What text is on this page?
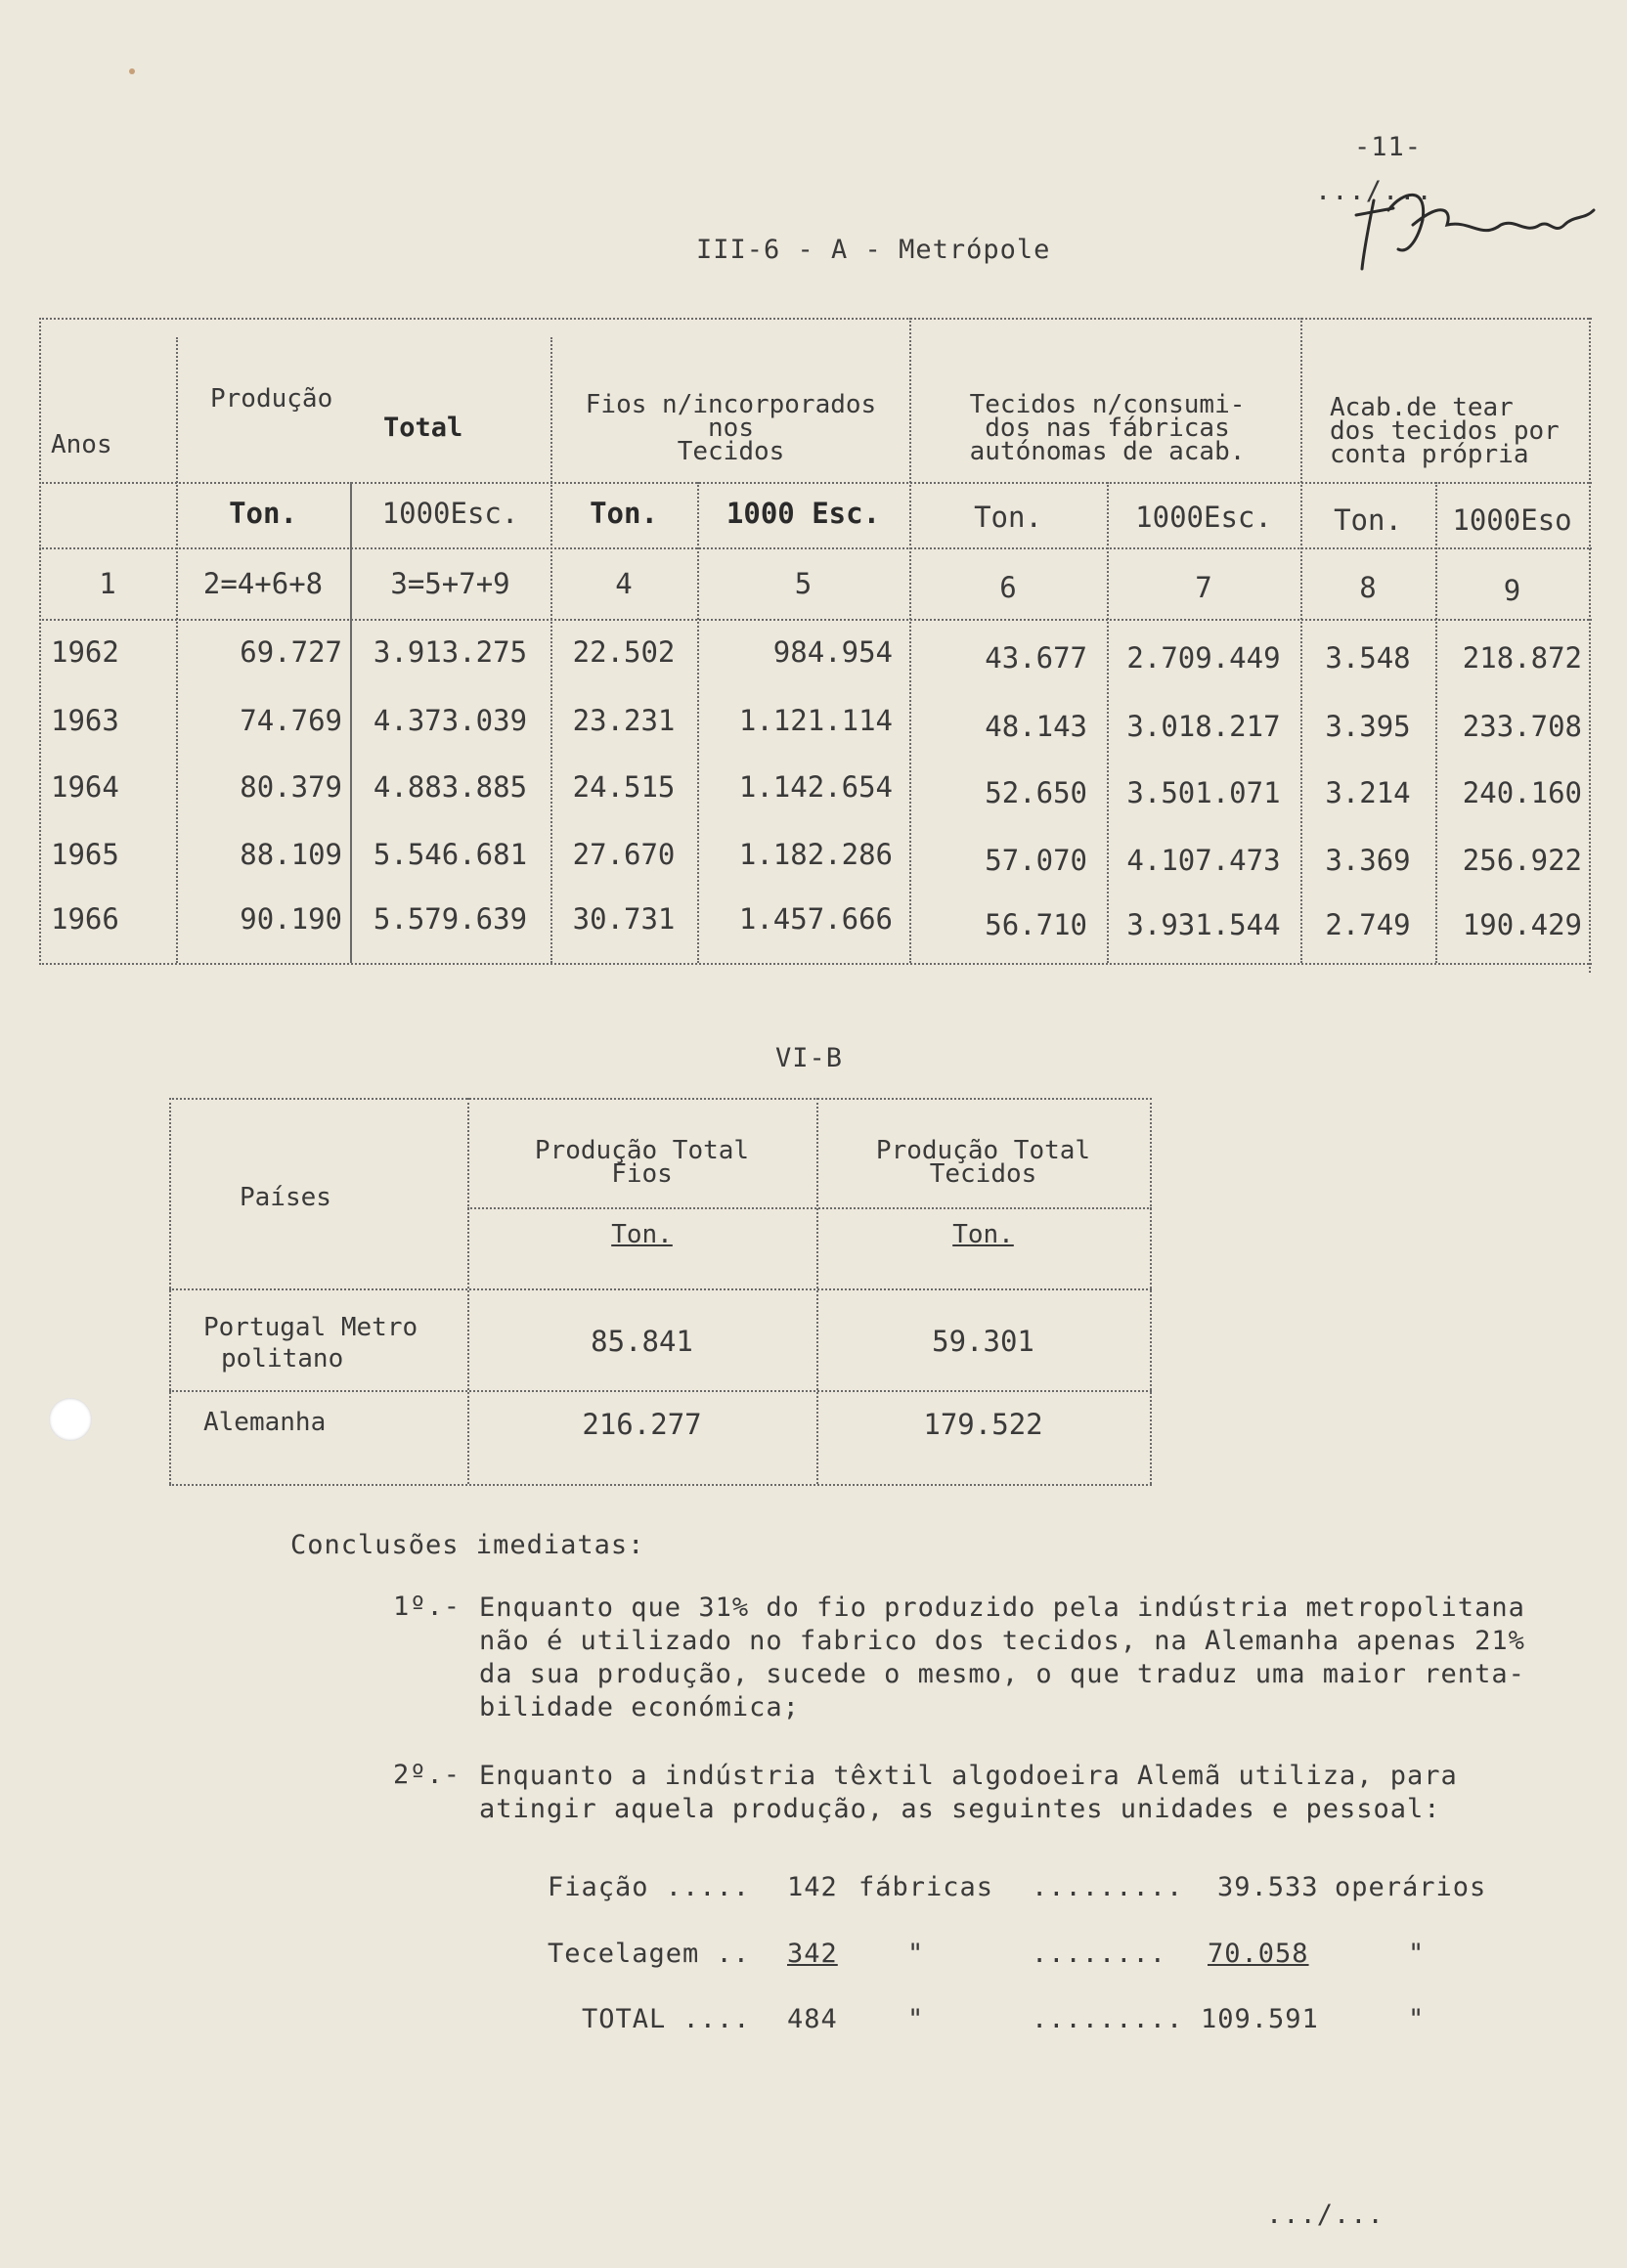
-11-
.../...
III-6 - A - Metrópole
Anos
Produção
Total
Fios n/incorporados
nos
Tecidos
Tecidos n/consumi-
dos nas fábricas
autónomas de acab.
Acab.de tear
dos tecidos por
conta própria
Ton.	1000Esc.	Ton.	1000 Esc.	Ton.	1000Esc.	Ton.	1000Eso
1	2=4+6+8	3=5+7+9	4	5	6	7	8	9
1962	69.727	3.913.275	22.502	984.954	43.677	2.709.449	3.548	218.872
1963	74.769	4.373.039	23.231	1.121.114	48.143	3.018.217	3.395	233.708
1964	80.379	4.883.885	24.515	1.142.654	52.650	3.501.071	3.214	240.160
1965	88.109	5.546.681	27.670	1.182.286	57.070	4.107.473	3.369	256.922
1966	90.190	5.579.639	30.731	1.457.666	56.710	3.931.544	2.749	190.429
VI-B
Países
Produção Total
Fios
Produção Total
Tecidos
Ton.	Ton.
Portugal Metro
politano
85.841	59.301
Alemanha	216.277	179.522
Conclusões imediatas:
1º.- Enquanto que 31% do fio produzido pela indústria metropolitana
não é utilizado no fabrico dos tecidos, na Alemanha apenas 21%
da sua produção, sucede o mesmo, o que traduz uma maior renta-
bilidade económica;
2º.- Enquanto a indústria têxtil algodoeira Alemã utiliza, para
atingir aquela produção, as seguintes unidades e pessoal:
Fiação ..... 142 fábricas ......... 39.533 operários
Tecelagem .. 342	"	........ 70.058	"
TOTAL .... 484	"	......... 109.591	"
.../...
